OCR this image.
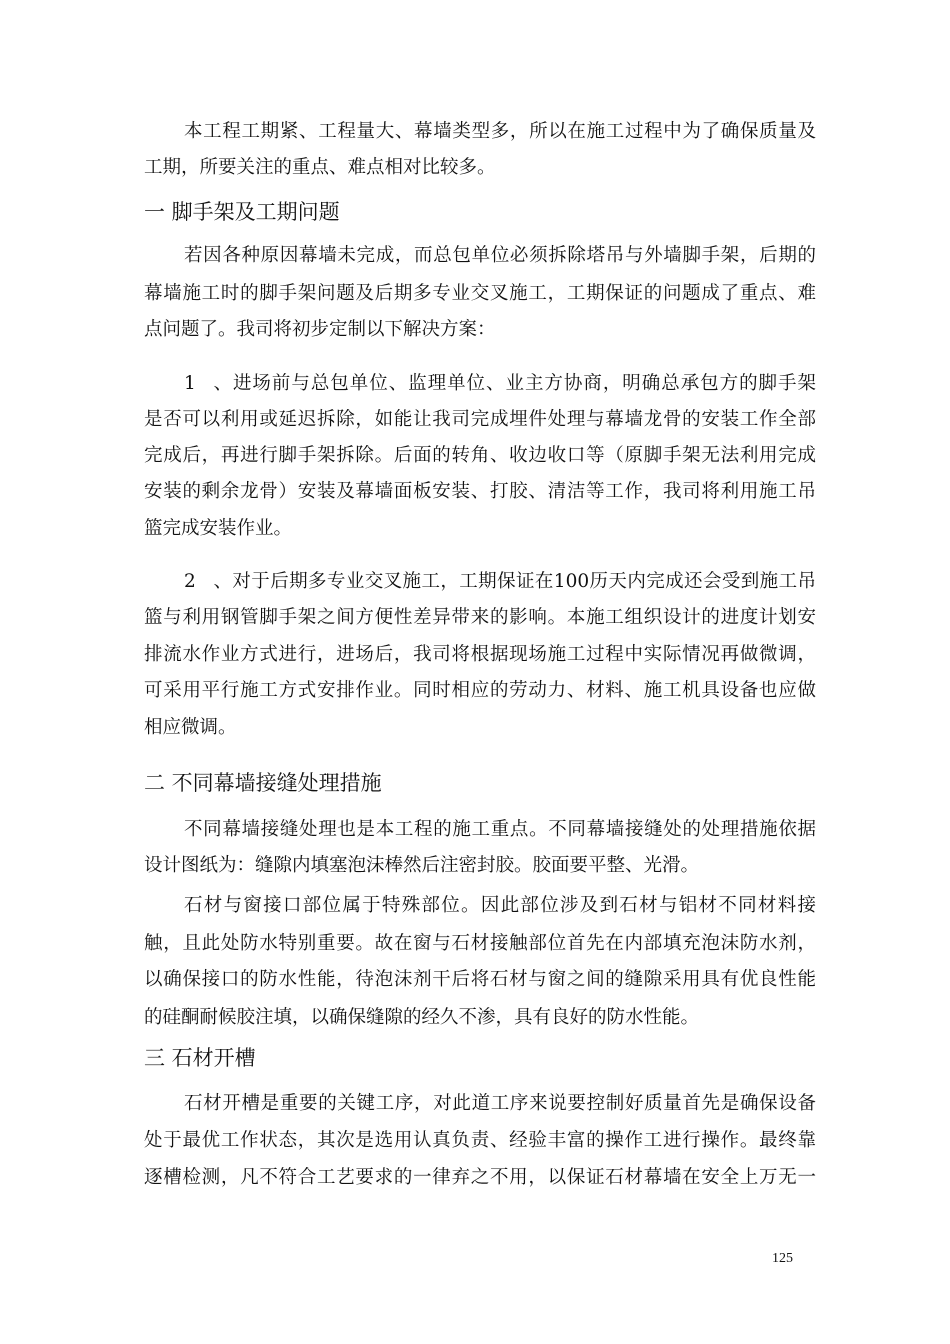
本工程工期紧、工程量大、幕墙类型多，所以在施工过程中为了确保质量及
工期，所要关注的重点、难点相对比较多。
一 脚手架及工期问题
若因各种原因幕墙未完成，而总包单位必须拆除塔吊与外墙脚手架，后期的
幕墙施工时的脚手架问题及后期多专业交叉施工，工期保证的问题成了重点、难
点问题了。我司将初步定制以下解决方案：
1、进场前与总包单位、监理单位、业主方协商，明确总承包方的脚手架
是否可以利用或延迟拆除，如能让我司完成埋件处理与幕墙龙骨的安装工作全部
完成后，再进行脚手架拆除。后面的转角、收边收口等（原脚手架无法利用完成
安装的剩余龙骨）安装及幕墙面板安装、打胶、清洁等工作，我司将利用施工吊
篮完成安装作业。
2、对于后期多专业交叉施工，工期保证在100历天内完成还会受到施工吊
篮与利用钢管脚手架之间方便性差异带来的影响。本施工组织设计的进度计划安
排流水作业方式进行，进场后，我司将根据现场施工过程中实际情况再做微调，
可采用平行施工方式安排作业。同时相应的劳动力、材料、施工机具设备也应做
相应微调。
二 不同幕墙接缝处理措施
不同幕墙接缝处理也是本工程的施工重点。不同幕墙接缝处的处理措施依据
设计图纸为：缝隙内填塞泡沫棒然后注密封胶。胶面要平整、光滑。
石材与窗接口部位属于特殊部位。因此部位涉及到石材与铝材不同材料接
触，且此处防水特别重要。故在窗与石材接触部位首先在内部填充泡沫防水剂，
以确保接口的防水性能，待泡沫剂干后将石材与窗之间的缝隙采用具有优良性能
的硅酮耐候胶注填，以确保缝隙的经久不渗，具有良好的防水性能。
三 石材开槽
石材开槽是重要的关键工序，对此道工序来说要控制好质量首先是确保设备
处于最优工作状态，其次是选用认真负责、经验丰富的操作工进行操作。最终靠
逐槽检测，凡不符合工艺要求的一律弃之不用，以保证石材幕墙在安全上万无一
125
